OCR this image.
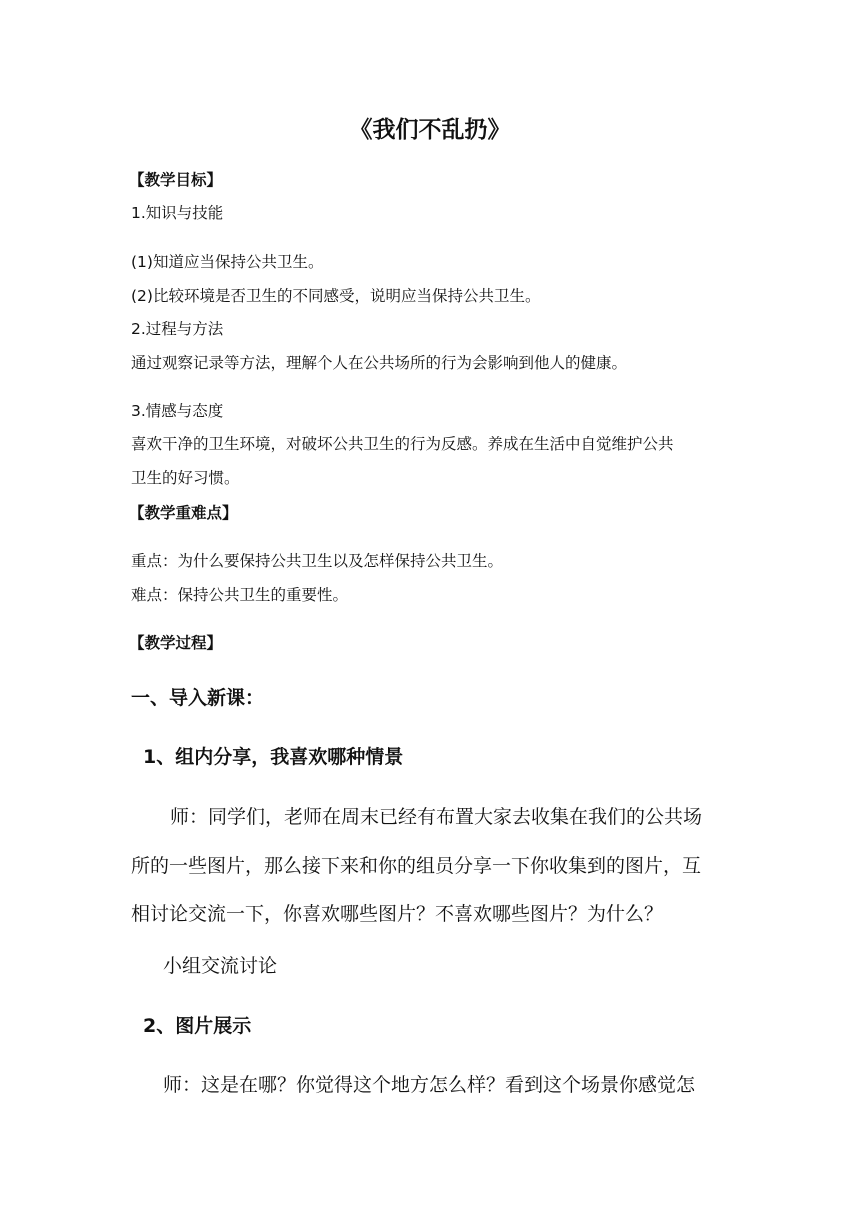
《我们不乱扔》
【教学目标】
1.知识与技能
(1)知道应当保持公共卫生。
(2)比较环境是否卫生的不同感受，说明应当保持公共卫生。
2.过程与方法
通过观察记录等方法，理解个人在公共场所的行为会影响到他人的健康。
3.情感与态度
喜欢干净的卫生环境，对破坏公共卫生的行为反感。养成在生活中自觉维护公共
卫生的好习惯。
【教学重难点】
重点：为什么要保持公共卫生以及怎样保持公共卫生。
难点：保持公共卫生的重要性。
【教学过程】
一、导入新课：
1、组内分享，我喜欢哪种情景
师：同学们，老师在周末已经有布置大家去收集在我们的公共场
所的一些图片，那么接下来和你的组员分享一下你收集到的图片，互
相讨论交流一下，你喜欢哪些图片？不喜欢哪些图片？为什么？
小组交流讨论
2、图片展示
师：这是在哪？你觉得这个地方怎么样？看到这个场景你感觉怎
